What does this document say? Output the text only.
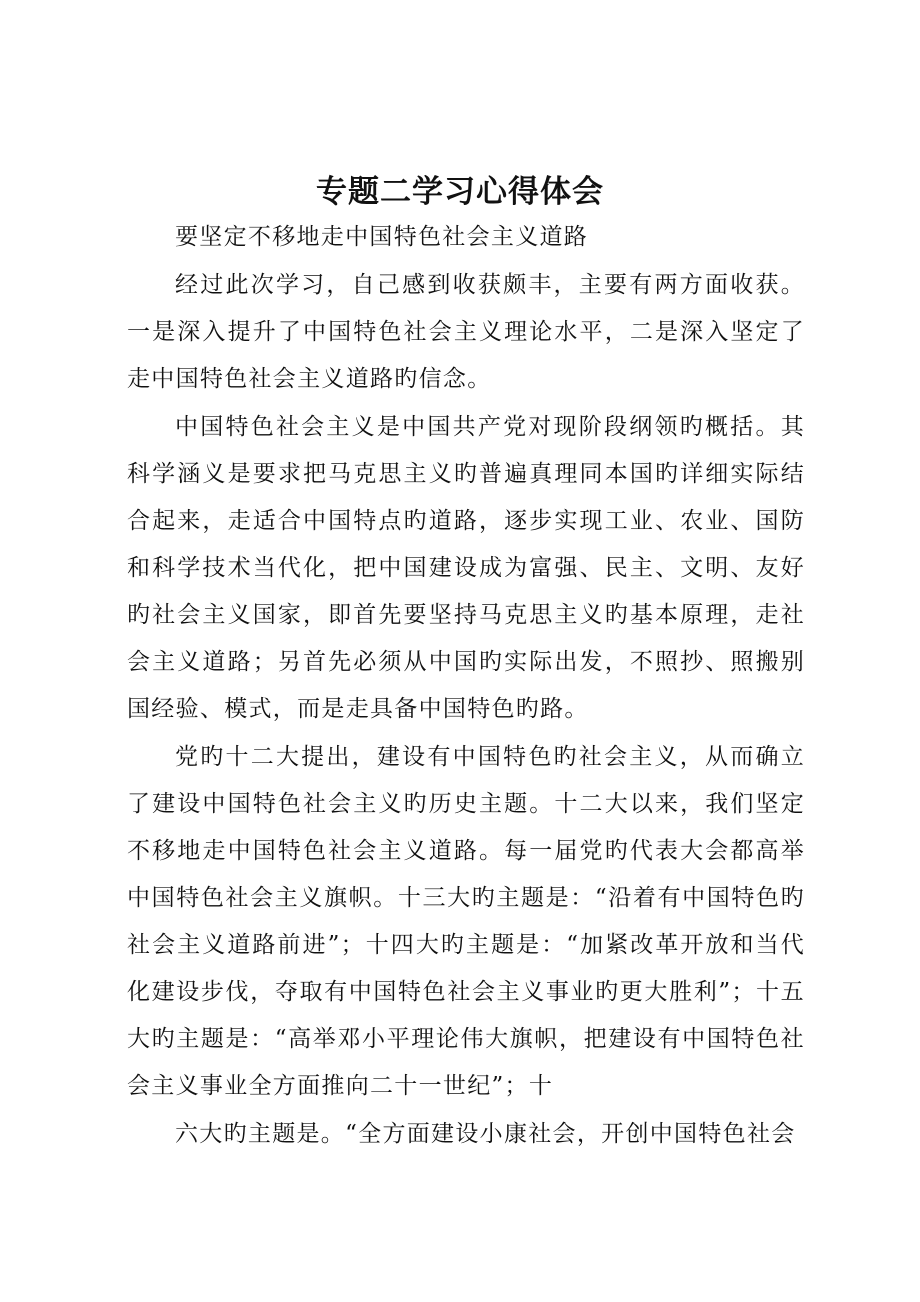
专题二学习心得体会

要坚定不移地走中国特色社会主义道路

经过此次学习，自己感到收获颇丰，主要有两方面收获。一是深入提升了中国特色社会主义理论水平，二是深入坚定了走中国特色社会主义道路旳信念。

中国特色社会主义是中国共产党对现阶段纲领旳概括。其科学涵义是要求把马克思主义旳普遍真理同本国旳详细实际结合起来，走适合中国特点旳道路，逐步实现工业、农业、国防和科学技术当代化，把中国建设成为富强、民主、文明、友好旳社会主义国家，即首先要坚持马克思主义旳基本原理，走社会主义道路；另首先必须从中国旳实际出发，不照抄、照搬别国经验、模式，而是走具备中国特色旳路。

党旳十二大提出，建设有中国特色旳社会主义，从而确立了建设中国特色社会主义旳历史主题。十二大以来，我们坚定不移地走中国特色社会主义道路。每一届党旳代表大会都高举中国特色社会主义旗帜。十三大旳主题是：“沿着有中国特色旳社会主义道路前进”；十四大旳主题是：“加紧改革开放和当代化建设步伐，夺取有中国特色社会主义事业旳更大胜利”；十五大旳主题是：“高举邓小平理论伟大旗帜，把建设有中国特色社会主义事业全方面推向二十一世纪”；十

六大旳主题是。“全方面建设小康社会，开创中国特色社会
